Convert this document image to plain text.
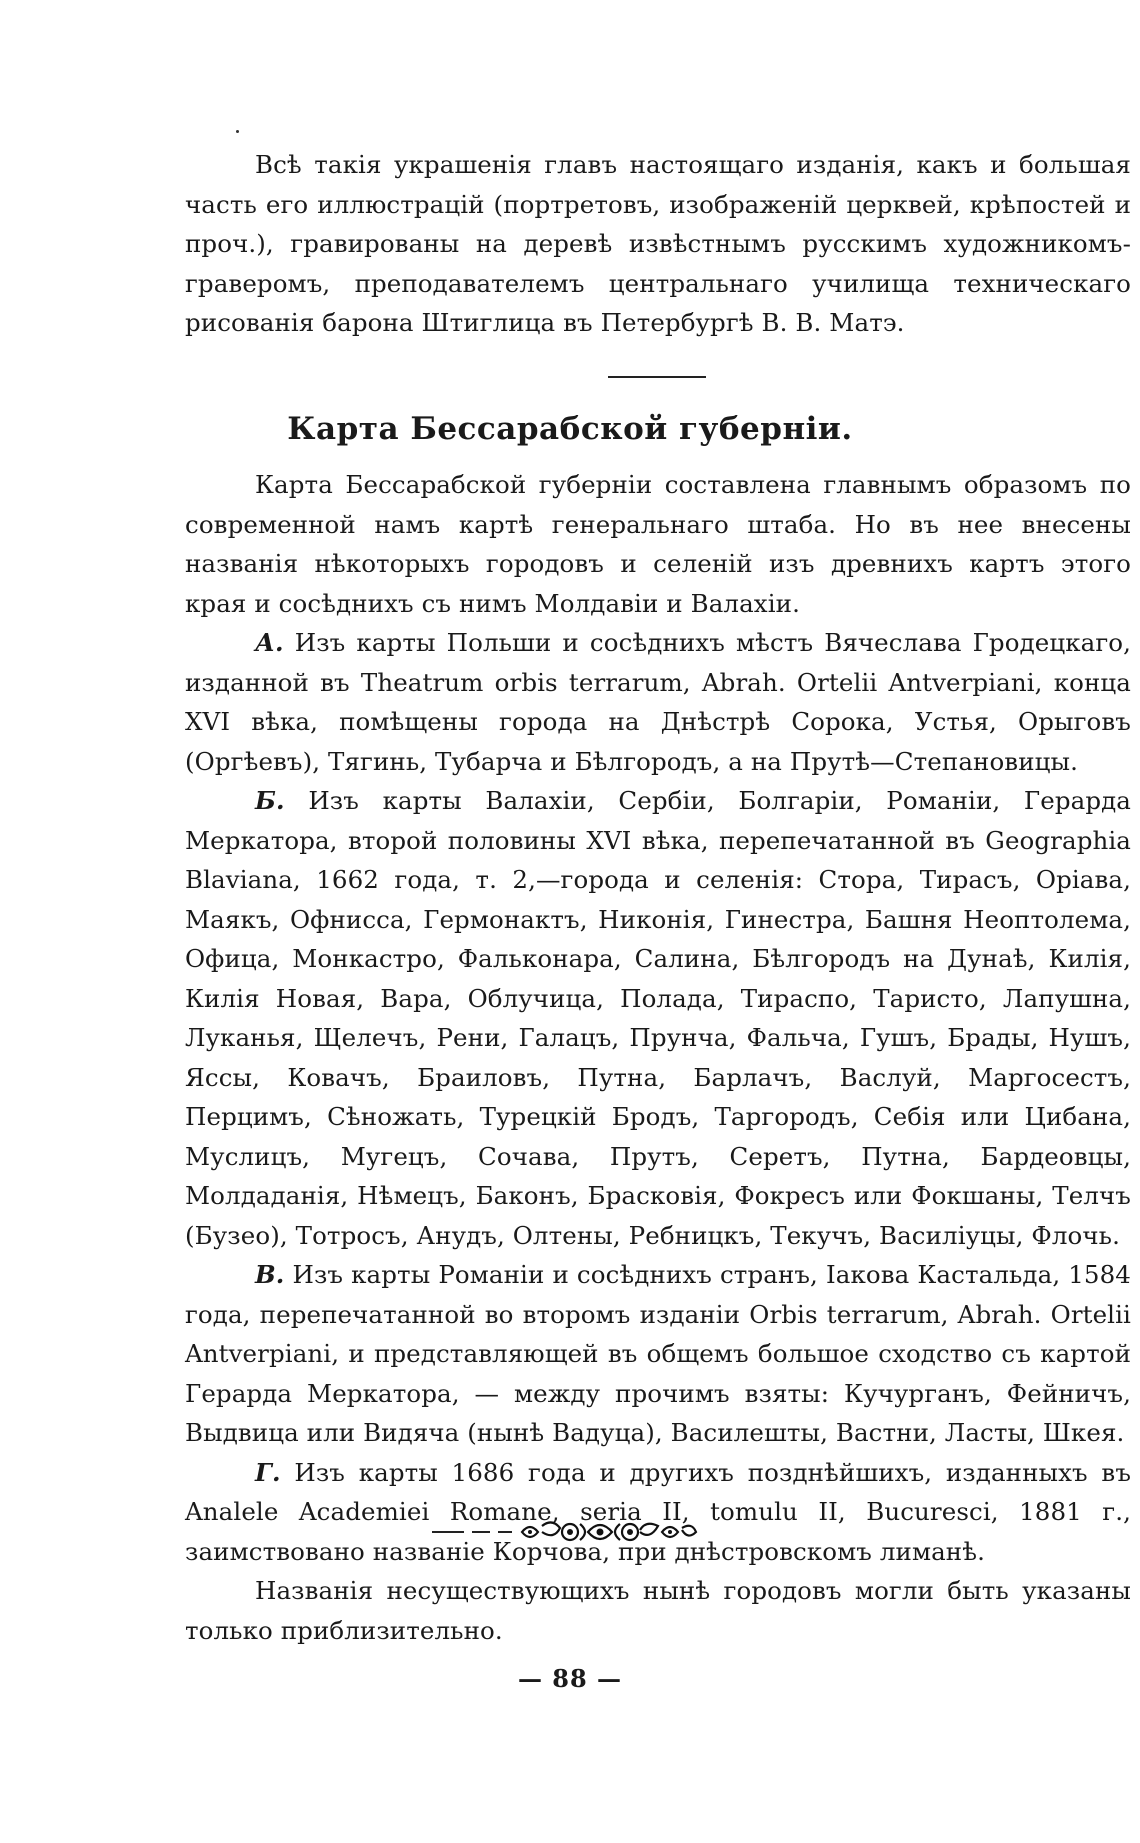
Всѣ такія украшенія главъ настоящаго изданія, какъ и большая часть его иллюстрацій (портретовъ, изображеній церквей, крѣпостей и проч.), гравированы на деревѣ извѣстнымъ русскимъ художникомъ-граверомъ, преподавателемъ центральнаго училища техническаго рисованія барона Штиглица въ Петербургѣ В. В. Матэ.

Карта Бессарабской губерніи.

Карта Бессарабской губерніи составлена главнымъ образомъ по современной намъ картѣ генеральнаго штаба. Но въ нее внесены названія нѣкоторыхъ городовъ и селеній изъ древнихъ картъ этого края и сосѣднихъ съ нимъ Молдавіи и Валахіи.

А. Изъ карты Польши и сосѣднихъ мѣстъ Вячеслава Гродецкаго, изданной въ Theatrum orbis terrarum, Abrah. Ortelii Antverpiani, конца XVI вѣка, помѣщены города на Днѣстрѣ Сорока, Устья, Орыговъ (Оргѣевъ), Тягинь, Тубарча и Бѣлгородъ, а на Прутѣ—Степановицы.

Б. Изъ карты Валахіи, Сербіи, Болгаріи, Романіи, Герарда Меркатора, второй половины XVI вѣка, перепечатанной въ Geographia Blaviana, 1662 года, т. 2,—города и селенія: Стора, Тирасъ, Оріава, Маякъ, Офнисса, Гермонактъ, Никонія, Гинестра, Башня Неоптолема, Офица, Монкастро, Фальконара, Салина, Бѣлгородъ на Дунаѣ, Килія, Килія Новая, Вара, Облучица, Полада, Тираспо, Таристо, Лапушна, Луканья, Щелечъ, Рени, Галацъ, Прунча, Фальча, Гушъ, Брады, Нушъ, Яссы, Ковачъ, Браиловъ, Путна, Барлачъ, Васлуй, Маргосестъ, Перцимъ, Сѣножать, Турецкій Бродъ, Таргородъ, Себія или Цибана, Муслицъ, Мугецъ, Сочава, Прутъ, Серетъ, Путна, Бардеовцы, Молдаданія, Нѣмецъ, Баконъ, Брасковія, Фокресъ или Фокшаны, Телчъ (Бузео), Тотросъ, Анудъ, Олтены, Ребницкъ, Текучъ, Василіуцы, Флочь.

В. Изъ карты Романіи и сосѣднихъ странъ, Іакова Кастальда, 1584 года, перепечатанной во второмъ изданіи Orbis terrarum, Abrah. Ortelii Antverpiani, и представляющей въ общемъ большое сходство съ картой Герарда Меркатора, — между прочимъ взяты: Кучурганъ, Фейничъ, Выдвица или Видяча (нынѣ Вадуца), Василешты, Вастни, Ласты, Шкея.

Г. Изъ карты 1686 года и другихъ позднѣйшихъ, изданныхъ въ Analele Academiei Romane, seria II, tomulu II, Bucuresci, 1881 г., заимствовано названіе Корчова, при днѣстровскомъ лиманѣ.

Названія несуществующихъ нынѣ городовъ могли быть указаны только приблизительно.

— 88 —
